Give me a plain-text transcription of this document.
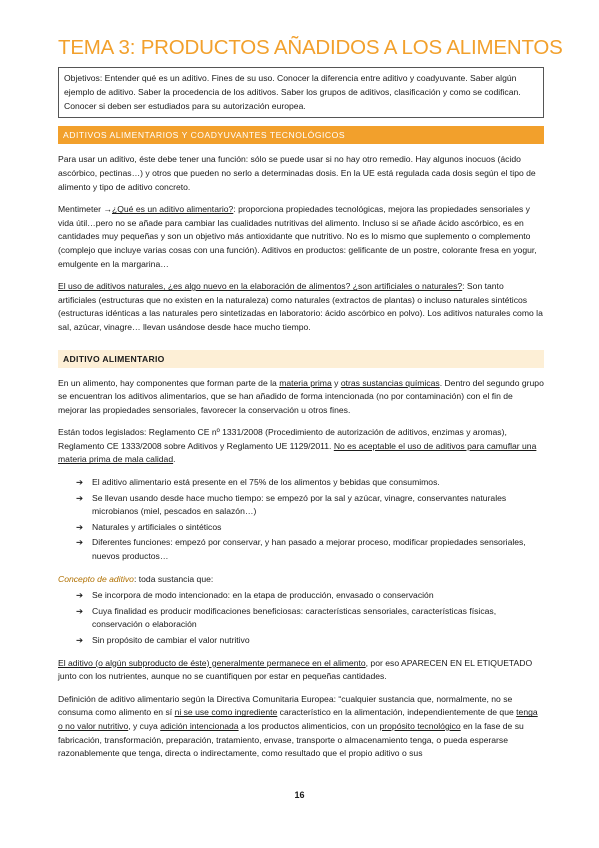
TEMA 3: PRODUCTOS AÑADIDOS A LOS ALIMENTOS
Objetivos: Entender qué es un aditivo. Fines de su uso. Conocer la diferencia entre aditivo y coadyuvante. Saber algún ejemplo de aditivo. Saber la procedencia de los aditivos. Saber los grupos de aditivos, clasificación y como se codifican. Conocer si deben ser estudiados para su autorización europea.
ADITIVOS ALIMENTARIOS Y COADYUVANTES TECNOLÓGICOS

Para usar un aditivo, éste debe tener una función: sólo se puede usar si no hay otro remedio. Hay algunos inocuos (ácido ascórbico, pectinas…) y otros que pueden no serlo a determinadas dosis. En la UE está regulada cada dosis según el tipo de alimento y tipo de aditivo concreto.

Mentimeter →¿Qué es un aditivo alimentario?: proporciona propiedades tecnológicas, mejora las propiedades sensoriales y vida útil…pero no se añade para cambiar las cualidades nutritivas del alimento. Incluso si se añade ácido ascórbico, es en cantidades muy pequeñas y son un objetivo más antioxidante que nutritivo. No es lo mismo que suplemento o complemento (complejo que incluye varias cosas con una función). Aditivos en productos: gelificante de un postre, colorante fresa en yogur, emulgente en la margarina…

El uso de aditivos naturales, ¿es algo nuevo en la elaboración de alimentos? ¿son artificiales o naturales?: Son tanto artificiales (estructuras que no existen en la naturaleza) como naturales (extractos de plantas) o incluso naturales sintéticos (estructuras idénticas a las naturales pero sintetizadas en laboratorio: ácido ascórbico en polvo). Los aditivos naturales como la sal, azúcar, vinagre… llevan usándose desde hace mucho tiempo.

ADITIVO ALIMENTARIO

En un alimento, hay componentes que forman parte de la materia prima y otras sustancias químicas. Dentro del segundo grupo se encuentran los aditivos alimentarios, que se han añadido de forma intencionada (no por contaminación) con el fin de mejorar las propiedades sensoriales, favorecer la conservación u otros fines.

Están todos legislados: Reglamento CE nº 1331/2008 (Procedimiento de autorización de aditivos, enzimas y aromas), Reglamento CE 1333/2008 sobre Aditivos y Reglamento UE 1129/2011. No es aceptable el uso de aditivos para camuflar una materia prima de mala calidad.

➔ El aditivo alimentario está presente en el 75% de los alimentos y bebidas que consumimos.
➔ Se llevan usando desde hace mucho tiempo: se empezó por la sal y azúcar, vinagre, conservantes naturales microbianos (miel, pescados en salazón…)
➔ Naturales y artificiales o sintéticos
➔ Diferentes funciones: empezó por conservar, y han pasado a mejorar proceso, modificar propiedades sensoriales, nuevos productos…

Concepto de aditivo: toda sustancia que:

➔ Se incorpora de modo intencionado: en la etapa de producción, envasado o conservación
➔ Cuya finalidad es producir modificaciones beneficiosas: características sensoriales, características físicas, conservación o elaboración
➔ Sin propósito de cambiar el valor nutritivo

El aditivo (o algún subproducto de éste) generalmente permanece en el alimento, por eso APARECEN EN EL ETIQUETADO junto con los nutrientes, aunque no se cuantifiquen por estar en pequeñas cantidades.

Definición de aditivo alimentario según la Directiva Comunitaria Europea: “cualquier sustancia que, normalmente, no se consuma como alimento en sí ni se use como ingrediente característico en la alimentación, independientemente de que tenga o no valor nutritivo, y cuya adición intencionada a los productos alimenticios, con un propósito tecnológico en la fase de su fabricación, transformación, preparación, tratamiento, envase, transporte o almacenamiento tenga, o pueda esperarse razonablemente que tenga, directa o indirectamente, como resultado que el propio aditivo o sus

16
